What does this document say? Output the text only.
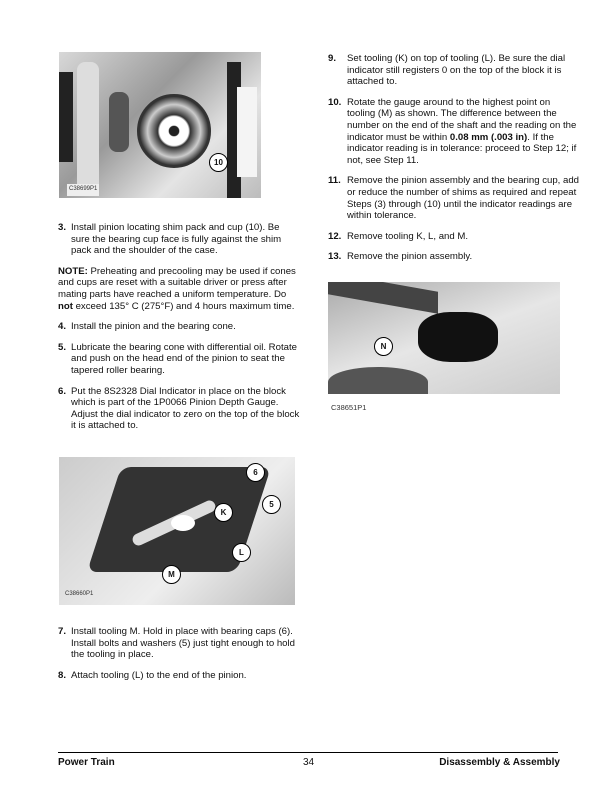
10
C38699P1
3. Install pinion locating shim pack and cup (10). Be sure the bearing cup face is fully against the shim pack and the shoulder of the case.

NOTE: Preheating and precooling may be used if cones and cups are reset with a suitable driver or press after mating parts have reached a uniform temperature. Do not exceed 135° C (275°F) and 4 hours maximum time.

4. Install the pinion and the bearing cone.
5. Lubricate the bearing cone with differential oil. Rotate and push on the head end of the pinion to seat the tapered roller bearing.
6. Put the 8S2328 Dial Indicator in place on the block which is part of the 1P0066 Pinion Depth Gauge. Adjust the dial indicator to zero on the top of the block it is attached to.
6
5
K
L
M
C38660P1
7. Install tooling M. Hold in place with bearing caps (6). Install bolts and washers (5) just tight enough to hold the tooling in place.
8. Attach tooling (L) to the end of the pinion.
9.	Set tooling (K) on top of tooling (L). Be sure the dial indicator still registers 0 on the top of the block it is attached to.
10. Rotate the gauge around to the highest point on tooling (M) as shown. The difference between the number on the end of the shaft and the reading on the indicator must be within 0.08 mm (.003 in). If the indicator reading is in tolerance: proceed to Step 12; if not, see Step 11.
11. Remove the pinion assembly and the bearing cup, add or reduce the number of shims as required and repeat Steps (3) through (10) until the indicator readings are within tolerance.
12. Remove tooling K, L, and M.
13. Remove the pinion assembly.
N
C38651P1
Power Train	34	Disassembly & Assembly
